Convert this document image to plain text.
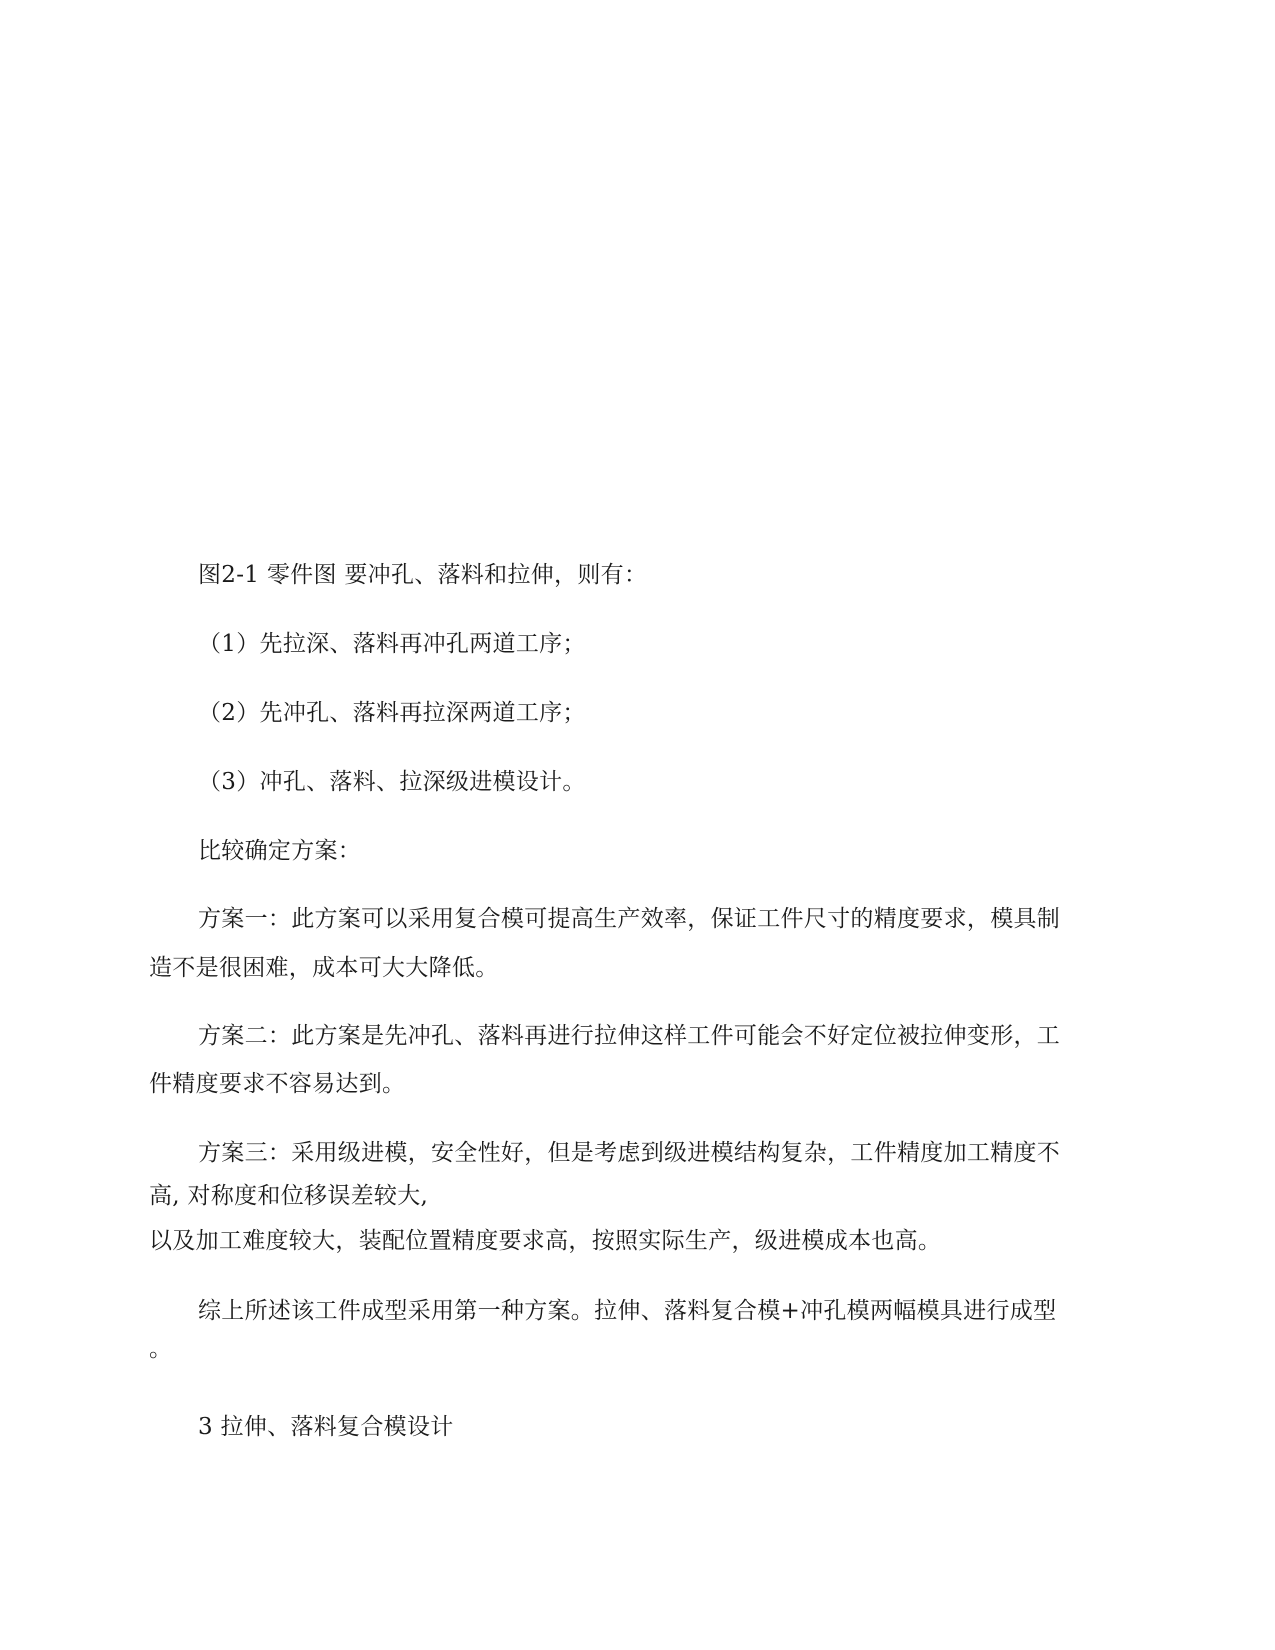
图2-1 零件图 要冲孔、落料和拉伸，则有：
（1）先拉深、落料再冲孔两道工序；
（2）先冲孔、落料再拉深两道工序；
（3）冲孔、落料、拉深级进模设计。
比较确定方案：
方案一：此方案可以采用复合模可提高生产效率，保证工件尺寸的精度要求，模具制
造不是很困难，成本可大大降低。
方案二：此方案是先冲孔、落料再进行拉伸这样工件可能会不好定位被拉伸变形，工
件精度要求不容易达到。
方案三：采用级进模，安全性好，但是考虑到级进模结构复杂，工件精度加工精度不
高, 对称度和位移误差较大,
以及加工难度较大，装配位置精度要求高，按照实际生产，级进模成本也高。
综上所述该工件成型采用第一种方案。拉伸、落料复合模+冲孔模两幅模具进行成型
。
3 拉伸、落料复合模设计
